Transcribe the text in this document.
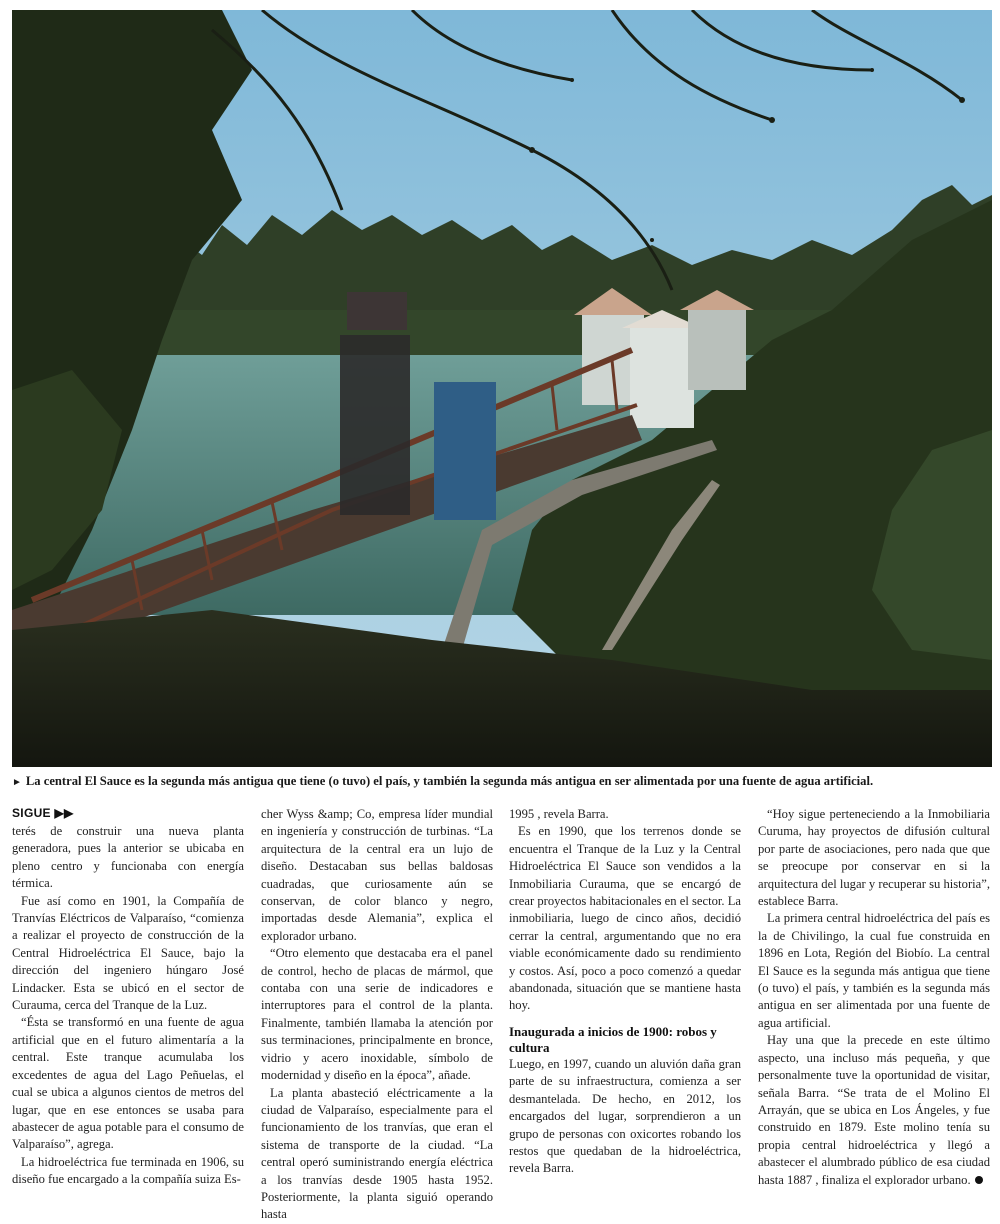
► La central El Sauce es la segunda más antigua que tiene (o tuvo) el país, y también la segunda más antigua en ser alimentada por una fuente de agua artificial.
SIGUE ▶▶

terés de construir una nueva planta generadora, pues la anterior se ubicaba en pleno centro y funcionaba con energía térmica.

Fue así como en 1901, la Compañía de Tranvías Eléctricos de Valparaíso, “comienza a realizar el proyecto de construcción de la Central Hidroeléctrica El Sauce, bajo la dirección del ingeniero húngaro José Lindacker. Esta se ubicó en el sector de Curauma, cerca del Tranque de la Luz.

“Ésta se transformó en una fuente de agua artificial que en el futuro alimentaría a la central. Este tranque acumulaba los excedentes de agua del Lago Peñuelas, el cual se ubica a algunos cientos de metros del lugar, que en ese entonces se usaba para abastecer de agua potable para el consumo de Valparaíso”, agrega.

La hidroeléctrica fue terminada en 1906, su diseño fue encargado a la compañía suiza Es-

cher Wyss &amp; Co, empresa líder mundial en ingeniería y construcción de turbinas. “La arquitectura de la central era un lujo de diseño. Destacaban sus bellas baldosas cuadradas, que curiosamente aún se conservan, de color blanco y negro, importadas desde Alemania”, explica el explorador urbano.

“Otro elemento que destacaba era el panel de control, hecho de placas de mármol, que contaba con una serie de indicadores e interruptores para el control de la planta. Finalmente, también llamaba la atención por sus terminaciones, principalmente en bronce, vidrio y acero inoxidable, símbolo de modernidad y diseño en la época”, añade.

La planta abasteció eléctricamente a la ciudad de Valparaíso, especialmente para el funcionamiento de los tranvías, que eran el sistema de transporte de la ciudad. “La central operó suministrando energía eléctrica a los tranvías desde 1905 hasta 1952. Posteriormente, la planta siguió operando hasta

1995 , revela Barra.

Es en 1990, que los terrenos donde se encuentra el Tranque de la Luz y la Central Hidroeléctrica El Sauce son vendidos a la Inmobiliaria Curauma, que se encargó de crear proyectos habitacionales en el sector. La inmobiliaria, luego de cinco años, decidió cerrar la central, argumentando que no era viable económicamente dado su rendimiento y costos. Así, poco a poco comenzó a quedar abandonada, situación que se mantiene hasta hoy.

Inaugurada a inicios de 1900: robos y cultura

Luego, en 1997, cuando un aluvión daña gran parte de su infraestructura, comienza a ser desmantelada. De hecho, en 2012, los encargados del lugar, sorprendieron a un grupo de personas con oxicortes robando los restos que quedaban de la hidroeléctrica, revela Barra.

“Hoy sigue perteneciendo a la Inmobiliaria Curuma, hay proyectos de difusión cultural por parte de asociaciones, pero nada que que se preocupe por conservar en si la arquitectura del lugar y recuperar su historia”, establece Barra.

La primera central hidroeléctrica del país es la de Chivilingo, la cual fue construida en 1896 en Lota, Región del Biobío. La central El Sauce es la segunda más antigua que tiene (o tuvo) el país, y también es la segunda más antigua en ser alimentada por una fuente de agua artificial.

Hay una que la precede en este último aspecto, una incluso más pequeña, y que personalmente tuve la oportunidad de visitar, señala Barra. “Se trata de el Molino El Arrayán, que se ubica en Los Ángeles, y fue construido en 1879. Este molino tenía su propia central hidroeléctrica y llegó a abastecer el alumbrado público de esa ciudad hasta 1887 , finaliza el explorador urbano.
